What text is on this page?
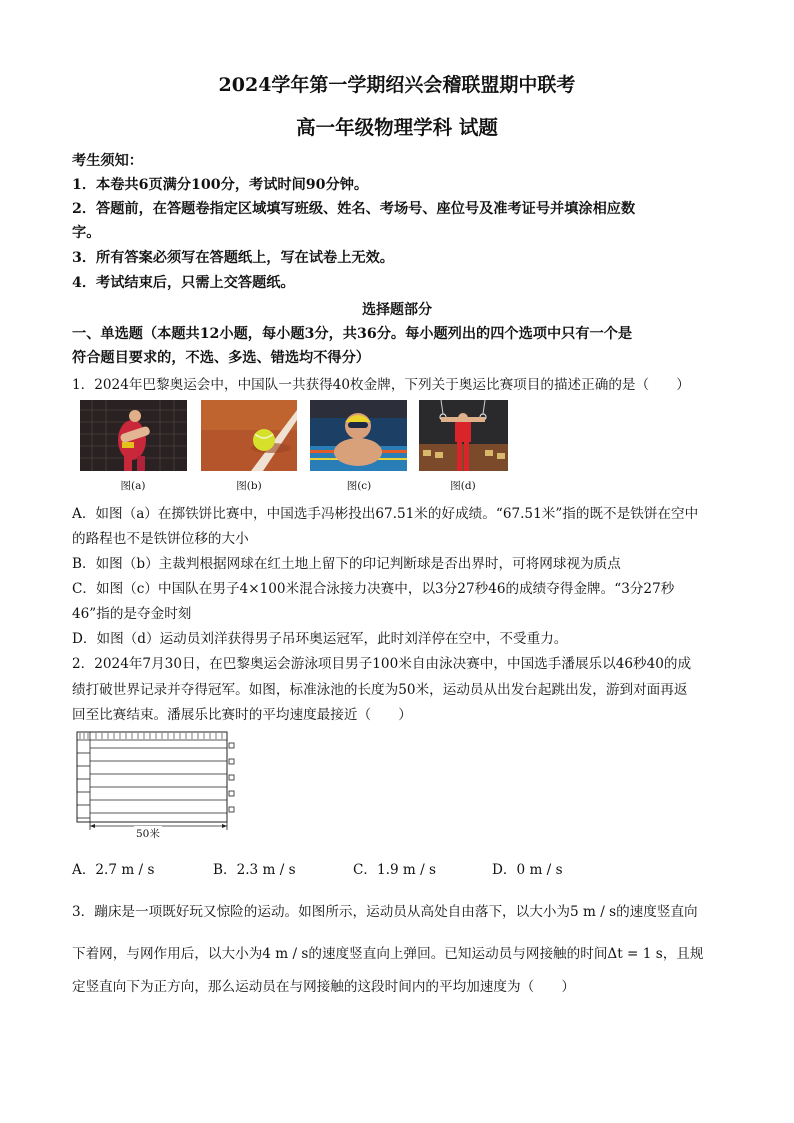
2024学年第一学期绍兴会稽联盟期中联考
高一年级物理学科 试题
考生须知：
1．本卷共6页满分100分，考试时间90分钟。
2．答题前，在答题卷指定区域填写班级、姓名、考场号、座位号及准考证号并填涂相应数
字。
3．所有答案必须写在答题纸上，写在试卷上无效。
4．考试结束后，只需上交答题纸。
选择题部分
一、单选题（本题共12小题，每小题3分，共36分。每小题列出的四个选项中只有一个是
符合题目要求的，不选、多选、错选均不得分）
1．2024年巴黎奥运会中，中国队一共获得40枚金牌，下列关于奥运比赛项目的描述正确的是（　　）
图(a)	图(b)	图(c)	图(d)
A．如图（a）在掷铁饼比赛中，中国选手冯彬投出67.51米的好成绩。“67.51米”指的既不是铁饼在空中
的路程也不是铁饼位移的大小
B．如图（b）主裁判根据网球在红土地上留下的印记判断球是否出界时，可将网球视为质点
C．如图（c）中国队在男子4×100米混合泳接力决赛中，以3分27秒46的成绩夺得金牌。“3分27秒
46”指的是夺金时刻
D．如图（d）运动员刘洋获得男子吊环奥运冠军，此时刘洋停在空中，不受重力。
2．2024年7月30日，在巴黎奥运会游泳项目男子100米自由泳决赛中，中国选手潘展乐以46秒40的成
绩打破世界记录并夺得冠军。如图，标准泳池的长度为50米，运动员从出发台起跳出发，游到对面再返
回至比赛结束。潘展乐比赛时的平均速度最接近（　　）
50米
A．2.7 m / s	B．2.3 m / s	C．1.9 m / s	D．0 m / s
3．蹦床是一项既好玩又惊险的运动。如图所示，运动员从高处自由落下，以大小为5 m / s的速度竖直向
下着网，与网作用后，以大小为4 m / s的速度竖直向上弹回。已知运动员与网接触的时间Δt = 1 s，且规
定竖直向下为正方向，那么运动员在与网接触的这段时间内的平均加速度为（　　）
